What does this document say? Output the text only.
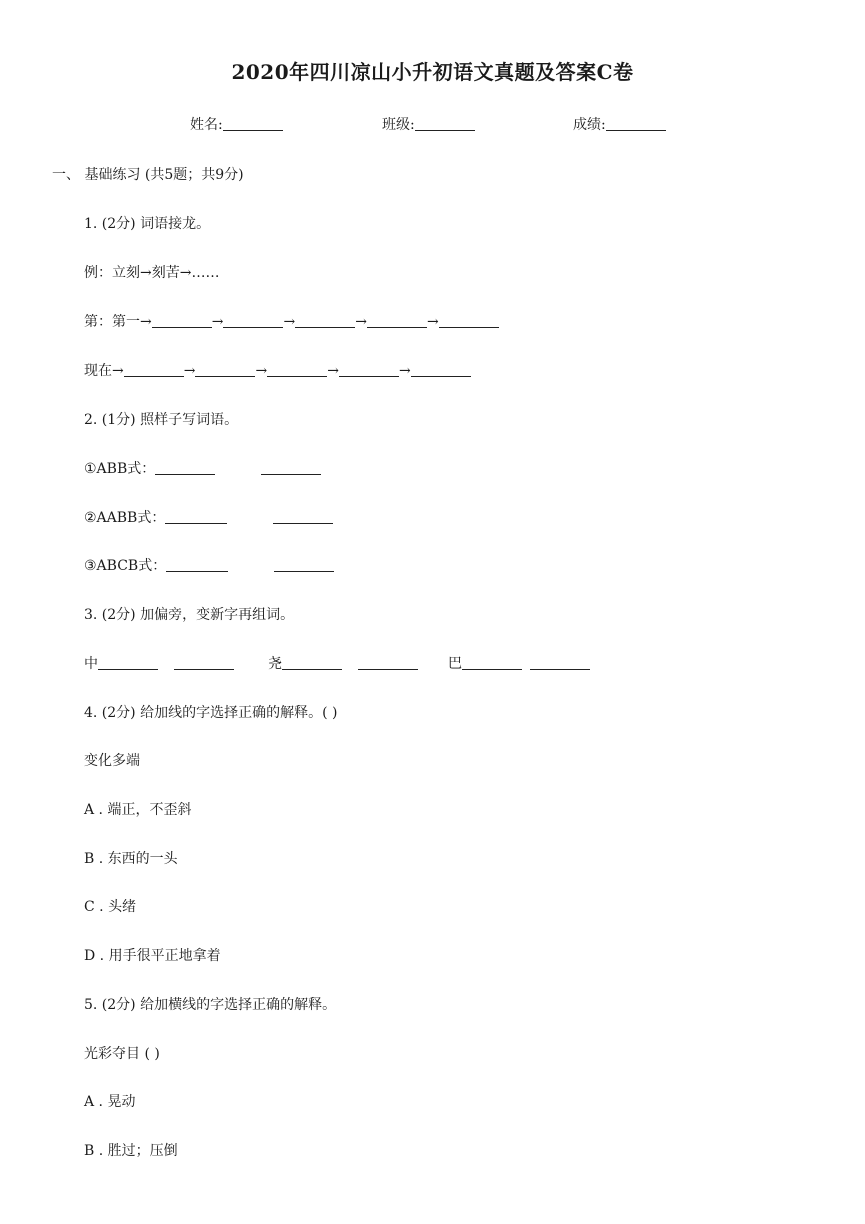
2020年四川凉山小升初语文真题及答案C卷
姓名:	班级:	成绩:
一、 基础练习 (共5题；共9分)
1. (2分) 词语接龙。
例：立刻→刻苦→……
第：第一→	→	→	→	→
现在→	→	→	→	→
2. (1分) 照样子写词语。
①ABB式：
②AABB式：
③ABCB式：
3. (2分) 加偏旁，变新字再组词。
中	尧	巴
4. (2分) 给加线的字选择正确的解释。( )
变化多端
A . 端正，不歪斜
B . 东西的一头
C . 头绪
D . 用手很平正地拿着
5. (2分) 给加横线的字选择正确的解释。
光彩夺目 ( )
A . 晃动
B . 胜过；压倒
